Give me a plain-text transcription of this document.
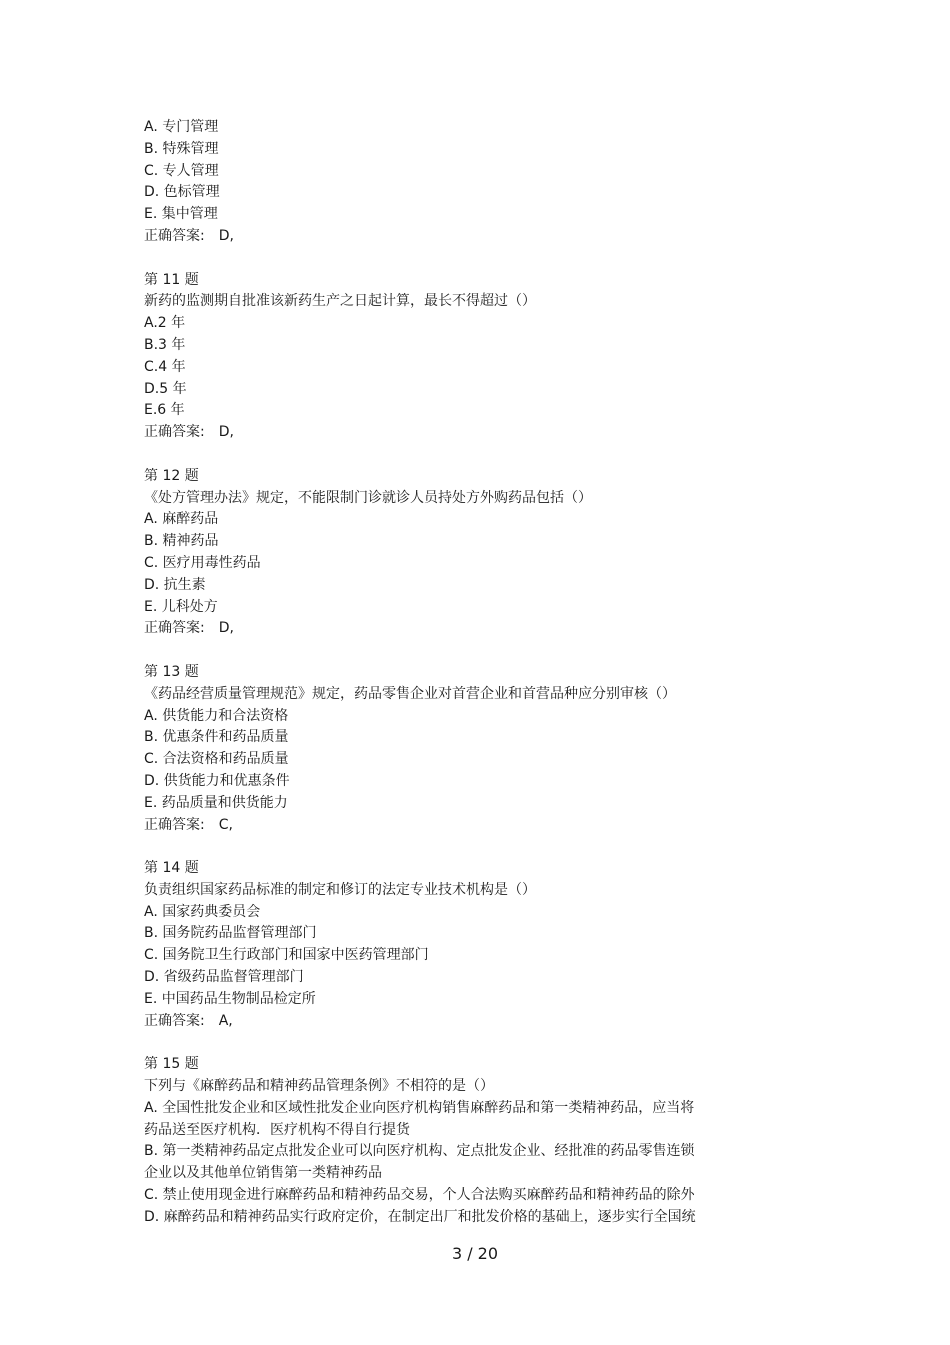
A. 专门管理
B. 特殊管理
C. 专人管理
D. 色标管理
E. 集中管理
正确答案: D,
第 11 题
新药的监测期自批准该新药生产之日起计算，最长不得超过（）
A.2 年
B.3 年
C.4 年
D.5 年
E.6 年
正确答案: D,
第 12 题
《处方管理办法》规定，不能限制门诊就诊人员持处方外购药品包括（）
A. 麻醉药品
B. 精神药品
C. 医疗用毒性药品
D. 抗生素
E. 儿科处方
正确答案: D,
第 13 题
《药品经营质量管理规范》规定，药品零售企业对首营企业和首营品种应分别审核（）
A. 供货能力和合法资格
B. 优惠条件和药品质量
C. 合法资格和药品质量
D. 供货能力和优惠条件
E. 药品质量和供货能力
正确答案: C,
第 14 题
负责组织国家药品标准的制定和修订的法定专业技术机构是（）
A. 国家药典委员会
B. 国务院药品监督管理部门
C. 国务院卫生行政部门和国家中医药管理部门
D. 省级药品监督管理部门
E. 中国药品生物制品检定所
正确答案: A,
第 15 题
下列与《麻醉药品和精神药品管理条例》不相符的是（）
A. 全国性批发企业和区域性批发企业向医疗机构销售麻醉药品和第一类精神药品，应当将
药品送至医疗机构．医疗机构不得自行提货
B. 第一类精神药品定点批发企业可以向医疗机构、定点批发企业、经批准的药品零售连锁
企业以及其他单位销售第一类精神药品
C. 禁止使用现金进行麻醉药品和精神药品交易，个人合法购买麻醉药品和精神药品的除外
D. 麻醉药品和精神药品实行政府定价，在制定出厂和批发价格的基础上，逐步实行全国统
3 / 20
